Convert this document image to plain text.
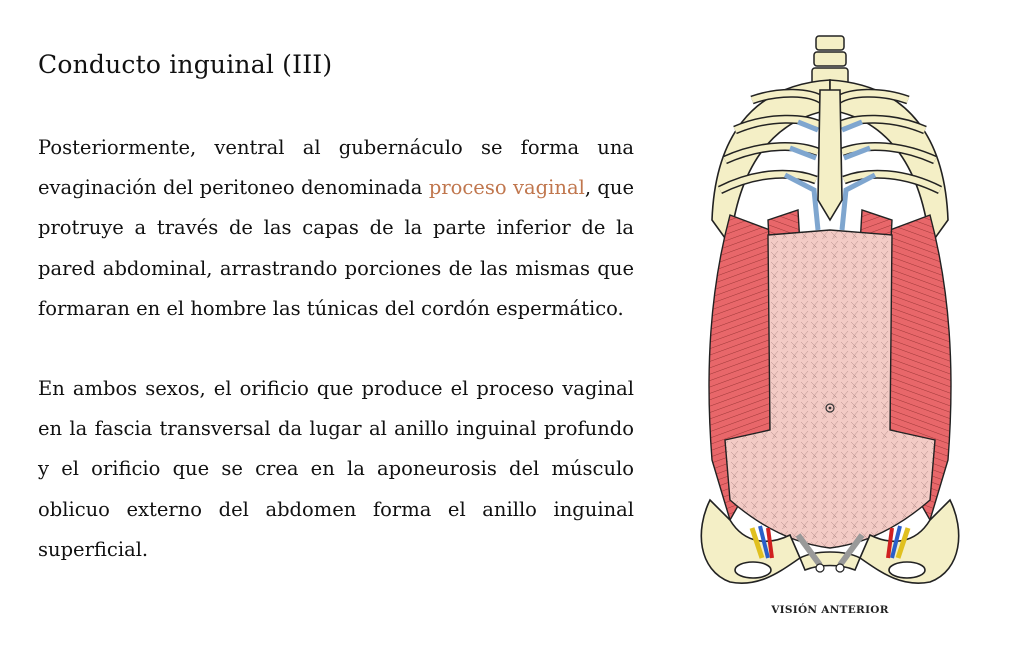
Conducto inguinal (III)

Posteriormente, ventral al gubernáculo se forma una evaginación del peritoneo denominada proceso vaginal, que protruye a través de las capas de la parte inferior de la pared abdominal, arrastrando porciones de las mismas que formaran en el hombre las túnicas del cordón espermático.

En ambos sexos, el orificio que produce el proceso vaginal en la fascia transversal da lugar al anillo inguinal profundo y el orificio que se crea en la aponeurosis del músculo oblicuo externo del abdomen forma el anillo inguinal superficial.

VISIÓN ANTERIOR
